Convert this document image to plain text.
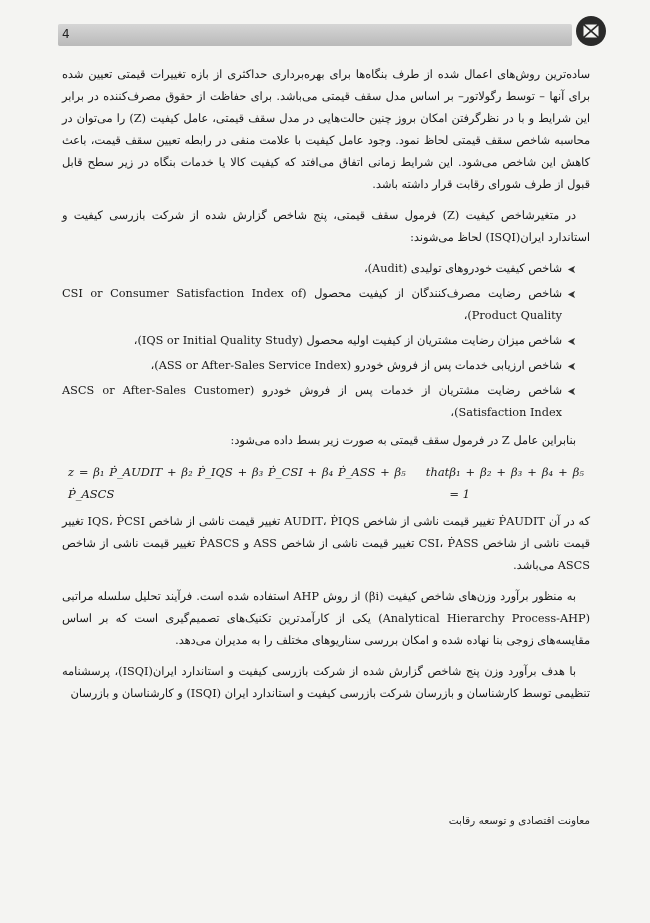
4

ساده‌ترین روش‌های اعمال شده از طرف بنگاه‌ها برای بهره‌برداری حداکثری از بازه تغییرات قیمتی تعیین شده برای آنها – توسط رگولاتور– بر اساس مدل سقف قیمتی می‌باشد. برای حفاظت از حقوق مصرف‌کننده در برابر این شرایط و با در نظرگرفتن امکان بروز چنین حالت‌هایی در مدل سقف قیمتی، عامل کیفیت (Z) را می‌توان در محاسبه شاخص سقف قیمتی لحاظ نمود. وجود عامل کیفیت با علامت منفی در رابطه تعیین سقف قیمت، باعث کاهش این شاخص می‌شود. این شرایط زمانی اتفاق می‌افتد که کیفیت کالا یا خدمات بنگاه در زیر سطح قابل قبول از طرف شورای رقابت قرار داشته باشد.

در متغیرشاخص کیفیت (Z) فرمول سقف قیمتی، پنج شاخص گزارش شده از شرکت بازرسی کیفیت و استاندارد ایران(ISQI) لحاظ می‌شوند:

شاخص کیفیت خودروهای تولیدی (Audit)،
شاخص رضایت مصرف‌کنندگان از کیفیت محصول (CSI or Consumer Satisfaction Index of Product Quality)،
شاخص میزان رضایت مشتریان از کیفیت اولیه محصول (IQS or Initial Quality Study)،
شاخص ارزیابی خدمات پس از فروش خودرو (ASS or After-Sales Service Index)،
شاخص رضایت مشتریان از خدمات پس از فروش خودرو (ASCS or After-Sales Customer Satisfaction Index)،

بنابراین عامل Z در فرمول سقف قیمتی به صورت زیر بسط داده می‌شود:

z = β₁ Ṗ_AUDIT + β₂ Ṗ_IQS + β₃ Ṗ_CSI + β₄ Ṗ_ASS + β₅ Ṗ_ASCS
that β₁ + β₂ + β₃ + β₄ + β₅ = 1

که در آن ṖAUDIT تغییر قیمت ناشی از شاخص AUDIT، ṖIQS تغییر قیمت ناشی از شاخص IQS، ṖCSI تغییر قیمت ناشی از شاخص CSI، ṖASS تغییر قیمت ناشی از شاخص ASS و ṖASCS تغییر قیمت ناشی از شاخص ASCS می‌باشد.

به منظور برآورد وزن‌های شاخص کیفیت (βi) از روش AHP استفاده شده است. فرآیند تحلیل سلسله مراتبی (Analytical Hierarchy Process-AHP) یکی از کارآمدترین تکنیک‌های تصمیم‌گیری است که بر اساس مقایسه‌های زوجی بنا نهاده شده و امکان بررسی سناریوهای مختلف را به مدیران می‌دهد.

با هدف برآورد وزن پنج شاخص گزارش شده از شرکت بازرسی کیفیت و استاندارد ایران(ISQI)، پرسشنامه تنظیمی توسط کارشناسان و بازرسان شرکت بازرسی کیفیت و استاندارد ایران (ISQI) و کارشناسان و بازرسان

معاونت اقتصادی و توسعه رقابت
